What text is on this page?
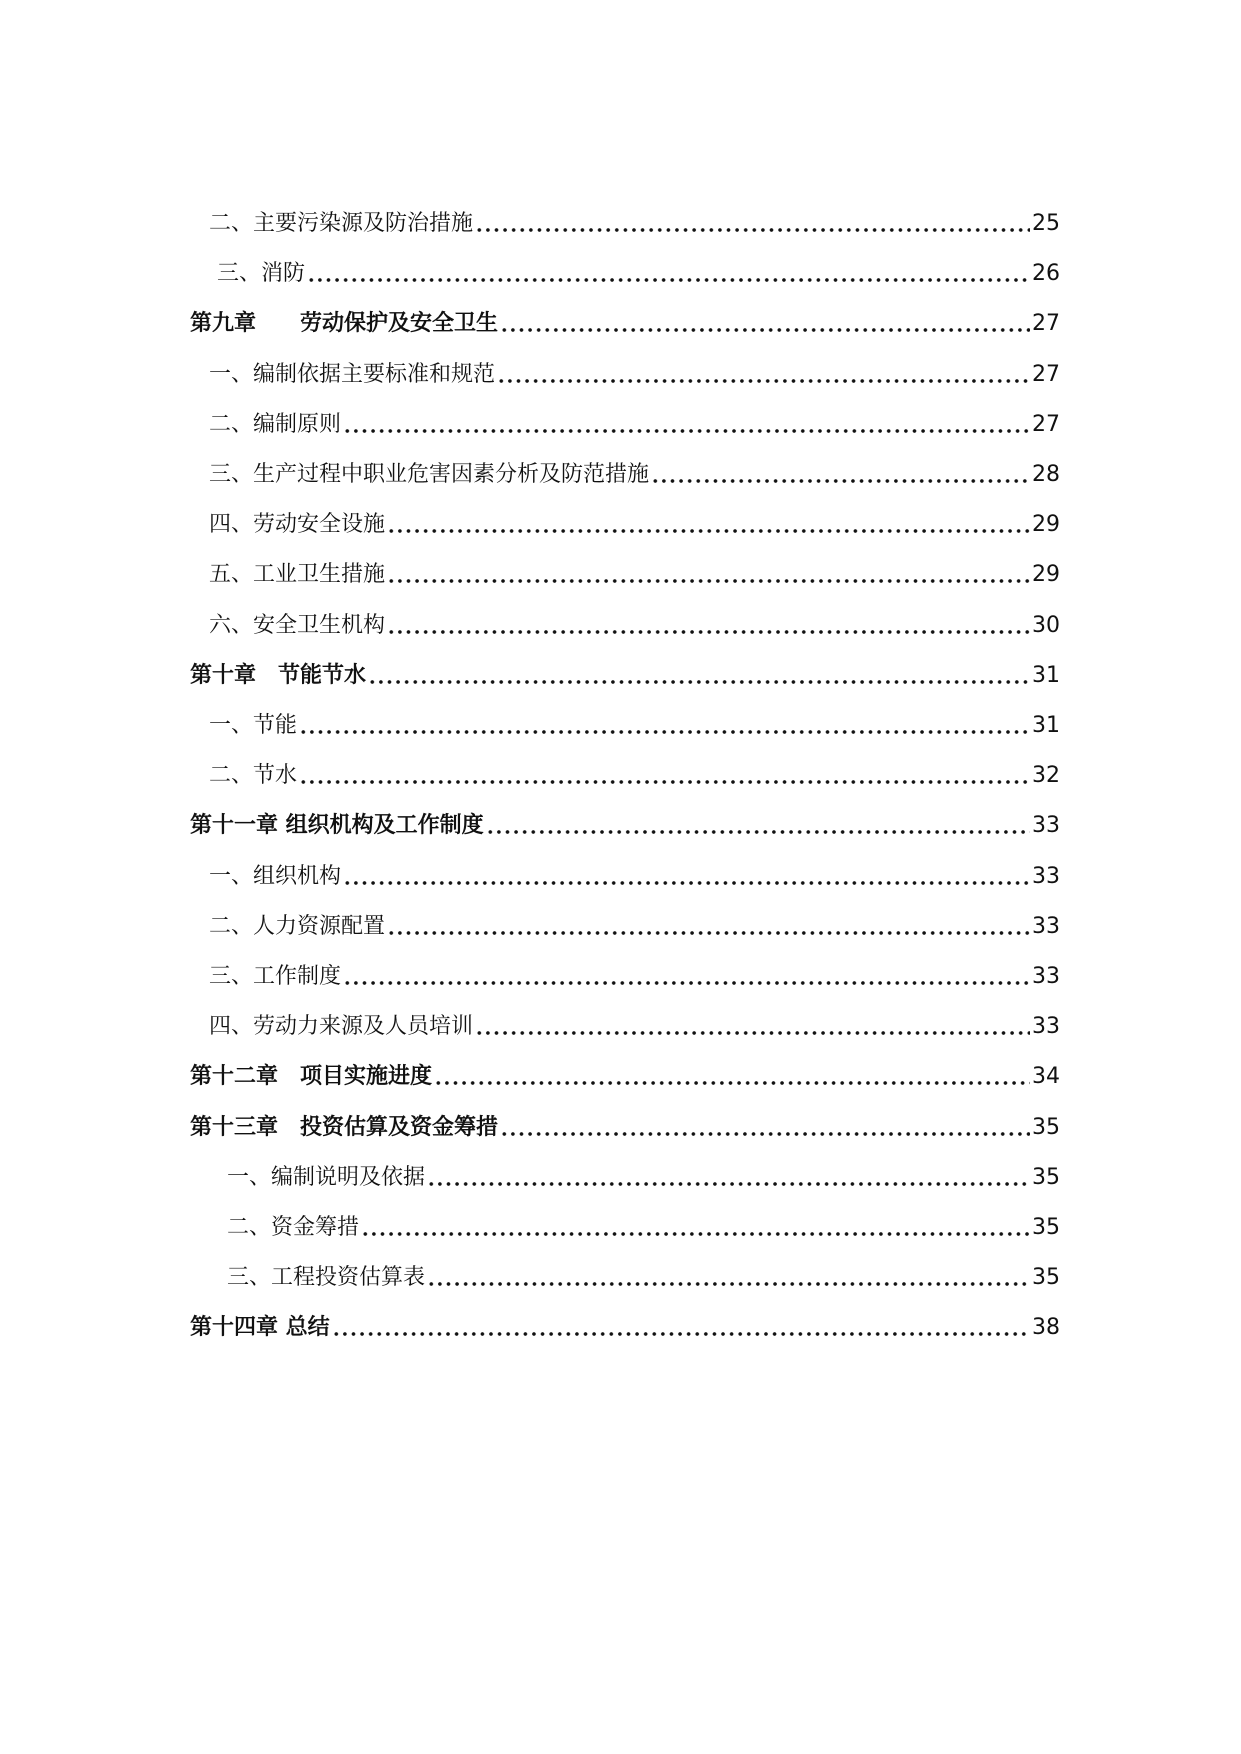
二、主要污染源及防治措施	25
三、消防	26
第九章　　劳动保护及安全卫生	27
一、编制依据主要标准和规范	27
二、编制原则	27
三、生产过程中职业危害因素分析及防范措施	28
四、劳动安全设施	29
五、工业卫生措施	29
六、安全卫生机构	30
第十章　节能节水	31
一、节能	31
二、节水	32
第十一章 组织机构及工作制度	33
一、组织机构	33
二、人力资源配置	33
三、工作制度	33
四、劳动力来源及人员培训	33
第十二章　项目实施进度	34
第十三章　投资估算及资金筹措	35
一、编制说明及依据	35
二、资金筹措	35
三、工程投资估算表	35
第十四章 总结	38
